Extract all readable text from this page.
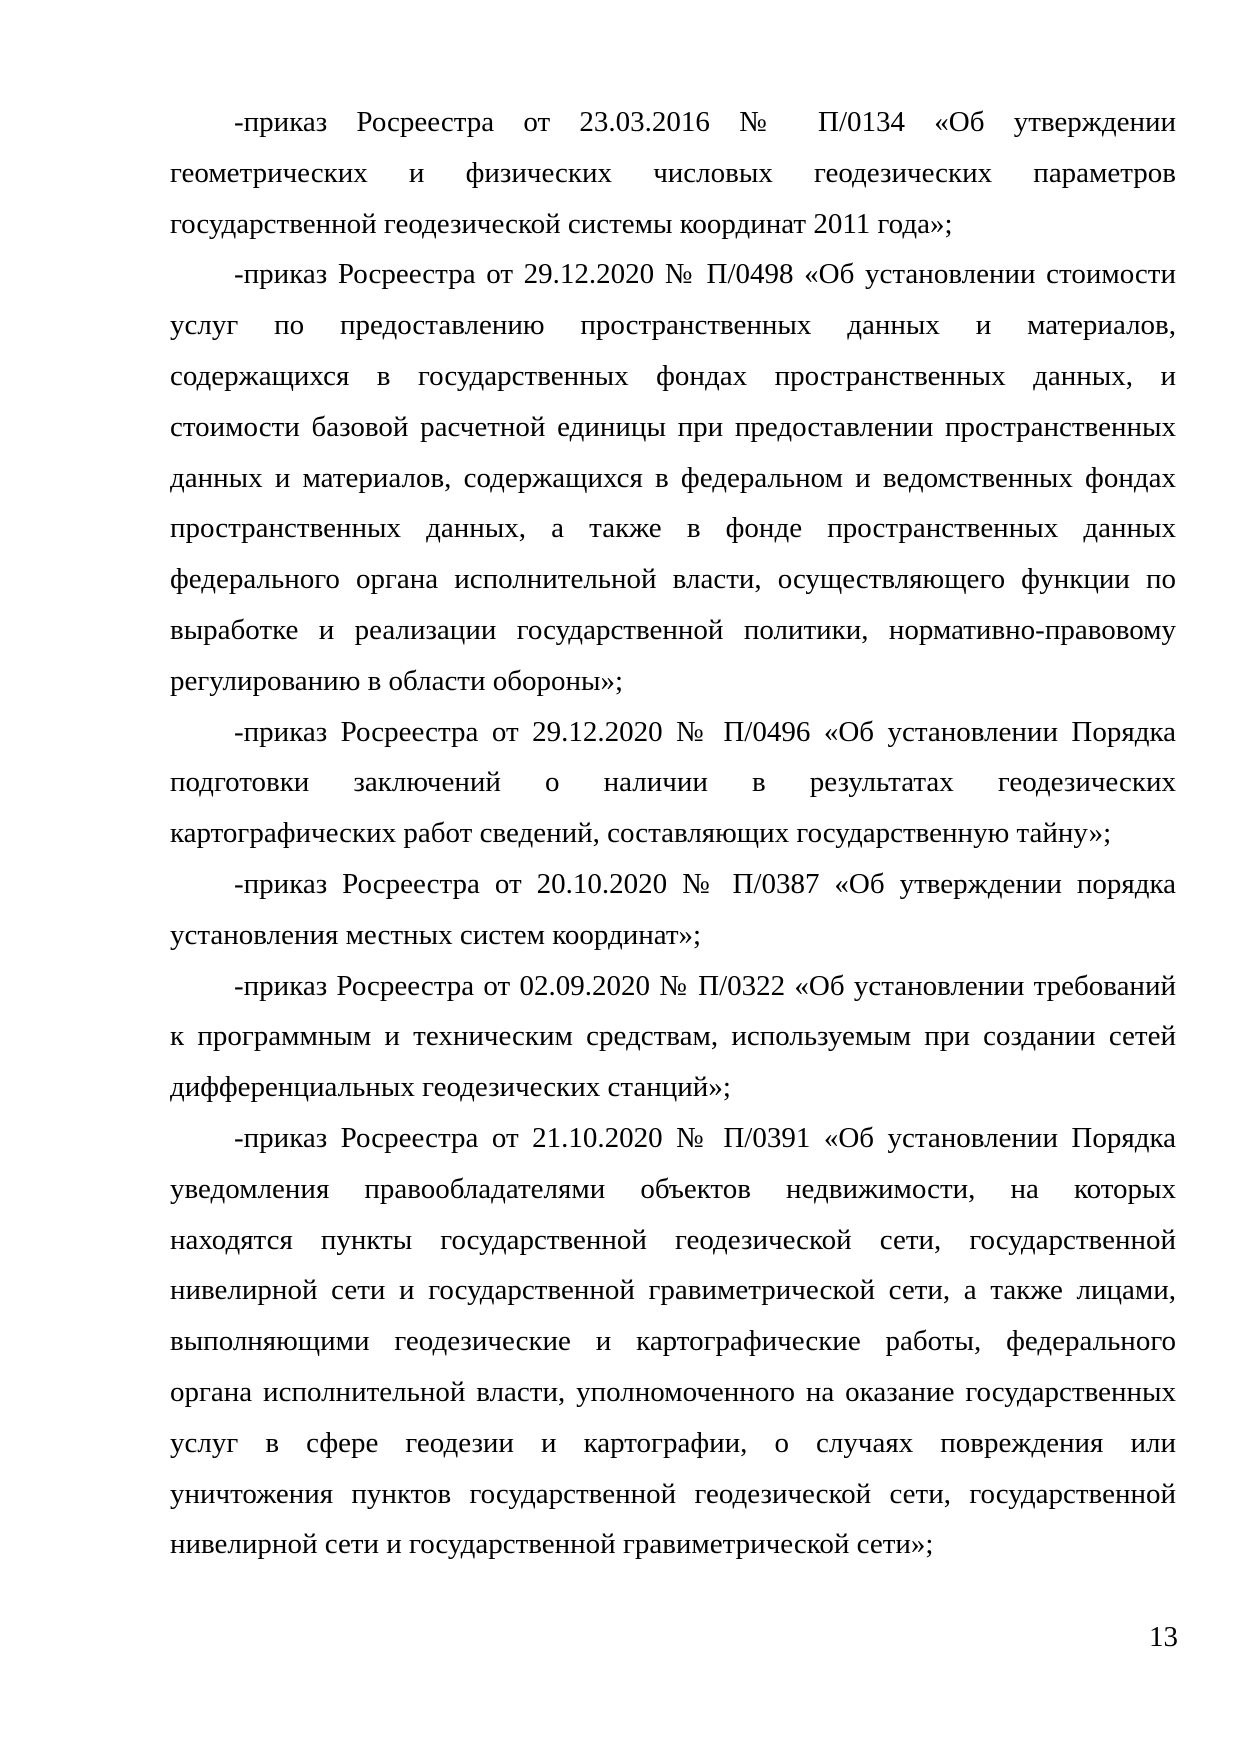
-приказ Росреестра от 23.03.2016 № П/0134 «Об утверждении
геометрических и физических числовых геодезических параметров
государственной геодезической системы координат 2011 года»;
-приказ Росреестра от 29.12.2020 № П/0498 «Об установлении стоимости
услуг по предоставлению пространственных данных и материалов,
содержащихся в государственных фондах пространственных данных, и
стоимости базовой расчетной единицы при предоставлении пространственных
данных и материалов, содержащихся в федеральном и ведомственных фондах
пространственных данных, а также в фонде пространственных данных
федерального органа исполнительной власти, осуществляющего функции по
выработке и реализации государственной политики, нормативно-правовому
регулированию в области обороны»;
-приказ Росреестра от 29.12.2020 № П/0496 «Об установлении Порядка
подготовки заключений о наличии в результатах геодезических
картографических работ сведений, составляющих государственную тайну»;
-приказ Росреестра от 20.10.2020 № П/0387 «Об утверждении порядка
установления местных систем координат»;
-приказ Росреестра от 02.09.2020 № П/0322 «Об установлении требований
к программным и техническим средствам, используемым при создании сетей
дифференциальных геодезических станций»;
-приказ Росреестра от 21.10.2020 № П/0391 «Об установлении Порядка
уведомления правообладателями объектов недвижимости, на которых
находятся пункты государственной геодезической сети, государственной
нивелирной сети и государственной гравиметрической сети, а также лицами,
выполняющими геодезические и картографические работы, федерального
органа исполнительной власти, уполномоченного на оказание государственных
услуг в сфере геодезии и картографии, о случаях повреждения или
уничтожения пунктов государственной геодезической сети, государственной
нивелирной сети и государственной гравиметрической сети»;
13
